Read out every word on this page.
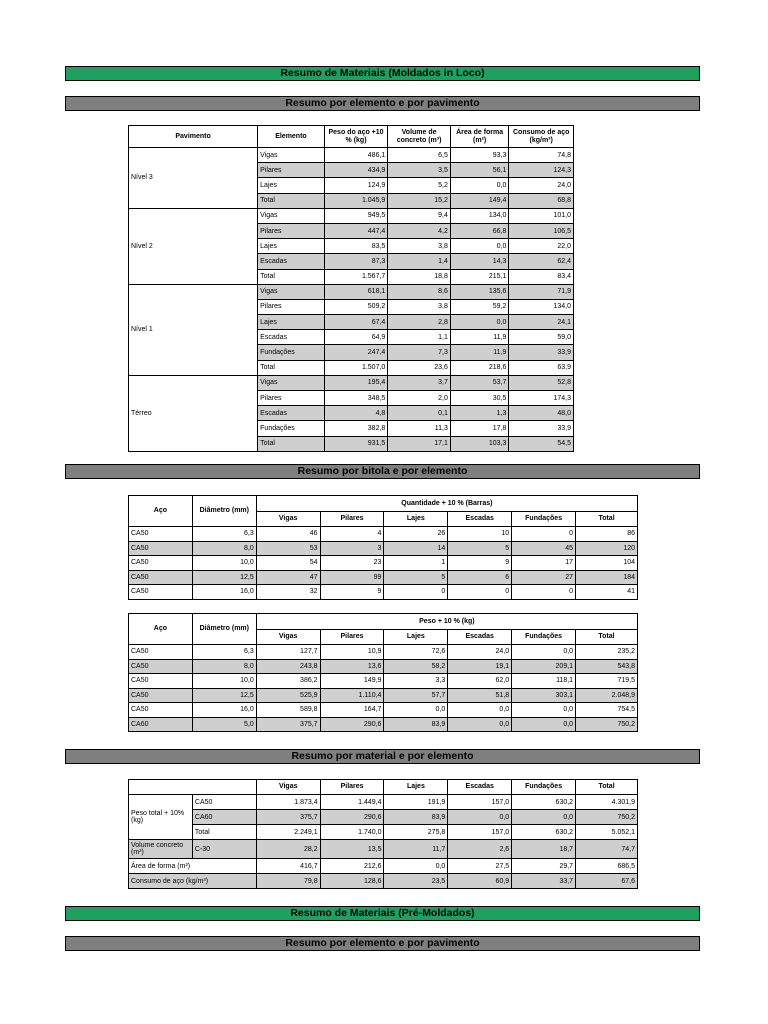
Resumo de Materiais (Moldados in Loco)
Resumo por elemento e por pavimento
Pavimento	Elemento	Peso do aço +10 % (kg)	Volume de concreto (m³)	Área de forma (m²)	Consumo de aço (kg/m³)
Nível 3	Vigas	486,1	6,5	93,3	74,8
	Pilares	434,9	3,5	56,1	124,3
	Lajes	124,9	5,2	0,0	24,0
	Total	1.045,9	15,2	149,4	68,8
Nível 2	Vigas	949,5	9,4	134,0	101,0
	Pilares	447,4	4,2	66,8	106,5
	Lajes	83,5	3,8	0,0	22,0
	Escadas	87,3	1,4	14,3	62,4
	Total	1.567,7	18,8	215,1	83,4
Nível 1	Vigas	618,1	8,6	135,6	71,9
	Pilares	509,2	3,8	59,2	134,0
	Lajes	67,4	2,8	0,0	24,1
	Escadas	64,9	1,1	11,9	59,0
	Fundações	247,4	7,3	11,9	33,9
	Total	1.507,0	23,6	218,6	63,9
Térreo	Vigas	195,4	3,7	53,7	52,8
	Pilares	348,5	2,0	30,5	174,3
	Escadas	4,8	0,1	1,3	48,0
	Fundações	382,8	11,3	17,8	33,9
	Total	931,5	17,1	103,3	54,5
Resumo por bitola e por elemento
Aço	Diâmetro (mm)	Quantidade + 10 % (Barras)					
		Vigas	Pilares	Lajes	Escadas	Fundações	Total
CA50	6,3	46	4	26	10	0	86
CA50	8,0	53	3	14	5	45	120
CA50	10,0	54	23	1	9	17	104
CA50	12,5	47	99	5	6	27	184
CA50	16,0	32	9	0	0	0	41
Aço	Diâmetro (mm)	Peso + 10 % (kg)					
		Vigas	Pilares	Lajes	Escadas	Fundações	Total
CA50	6,3	127,7	10,9	72,6	24,0	0,0	235,2
CA50	8,0	243,8	13,6	58,2	19,1	209,1	543,8
CA50	10,0	386,2	149,9	3,3	62,0	118,1	719,5
CA50	12,5	525,9	1.110,4	57,7	51,8	303,1	2.048,9
CA50	16,0	589,8	164,7	0,0	0,0	0,0	754,5
CA60	5,0	375,7	290,6	83,9	0,0	0,0	750,2
Resumo por material e por elemento
		Vigas	Pilares	Lajes	Escadas	Fundações	Total
Peso total + 10% (kg)	CA50	1.873,4	1.449,4	191,9	157,0	630,2	4.301,9
	CA60	375,7	290,6	83,9	0,0	0,0	750,2
	Total	2.249,1	1.740,0	275,8	157,0	630,2	5.052,1
Volume concreto (m³)	C-30	28,2	13,5	11,7	2,6	18,7	74,7
Área de forma (m²)		416,7	212,6	0,0	27,5	29,7	686,5
Consumo de aço (kg/m³)		79,8	128,6	23,5	60,9	33,7	67,6
Resumo de Materiais (Pré-Moldados)
Resumo por elemento e por pavimento
